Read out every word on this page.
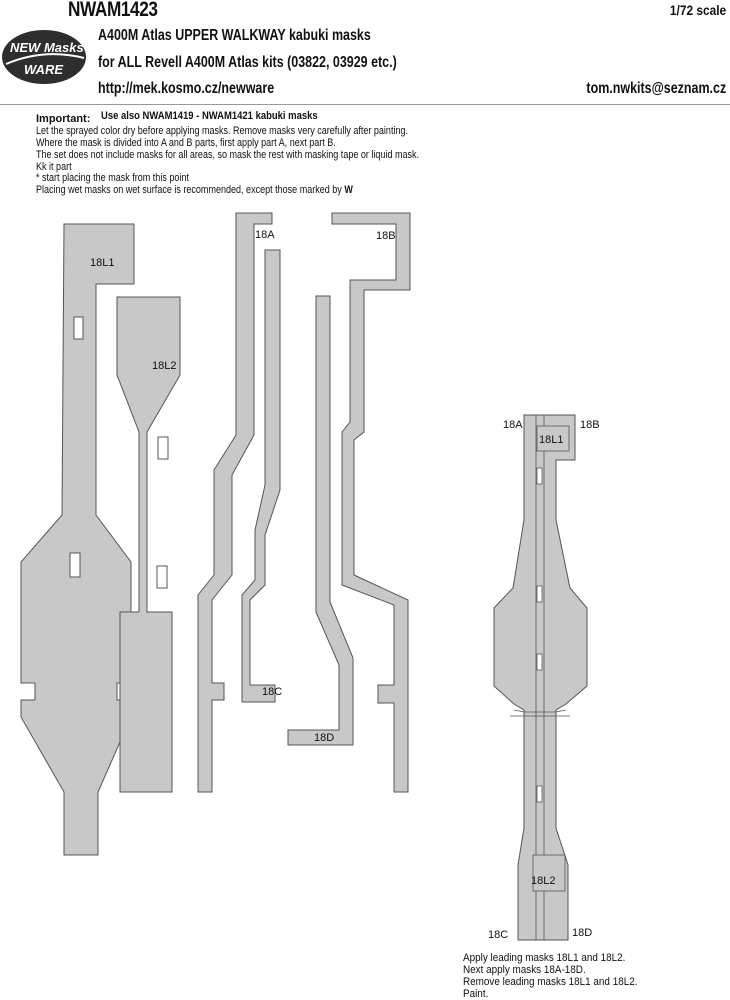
NEW Masks
WARE
NWAM1423	1/72 scale
A400M Atlas UPPER WALKWAY kabuki masks
for ALL Revell A400M Atlas kits (03822, 03929 etc.)
http://mek.kosmo.cz/newware	tom.nwkits@seznam.cz
Important: Use also NWAM1419 - NWAM1421 kabuki masks
Let the sprayed color dry before applying masks. Remove masks very carefully after painting.
Where the mask is divided into A and B parts, first apply part A, next part B.
The set does not include masks for all areas, so mask the rest with masking tape or liquid mask.
Kk it part
* start placing the mask from this point
Placing wet masks on wet surface is recommended, except those marked by W
18L1
18L2
18A	18B
18C
18D
18A	18B
18L1
18L2
18C	18D
Apply leading masks 18L1 and 18L2.
Next apply masks 18A-18D.
Remove leading masks 18L1 and 18L2.
Paint.
